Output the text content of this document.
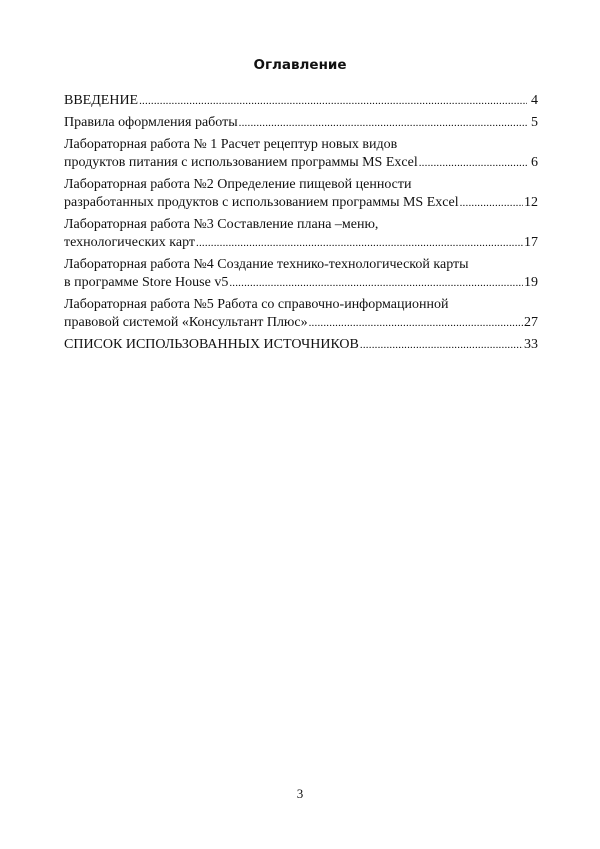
Оглавление
ВВЕДЕНИЕ .....	4
Правила оформления работы .....	5
Лабораторная работа № 1 Расчет рецептур новых видов
продуктов питания с использованием программы MS Excel .....	6
Лабораторная работа №2 Определение пищевой ценности
разработанных продуктов с использованием программы MS Excel .....	12
Лабораторная работа №3 Составление плана –меню,
технологических карт .....	17
Лабораторная работа №4 Создание технико-технологической карты
в программе Store House v5 .....	19
Лабораторная работа №5 Работа со справочно-информационной
правовой системой «Консультант Плюс» .....	27
СПИСОК ИСПОЛЬЗОВАННЫХ ИСТОЧНИКОВ .....	33
3
